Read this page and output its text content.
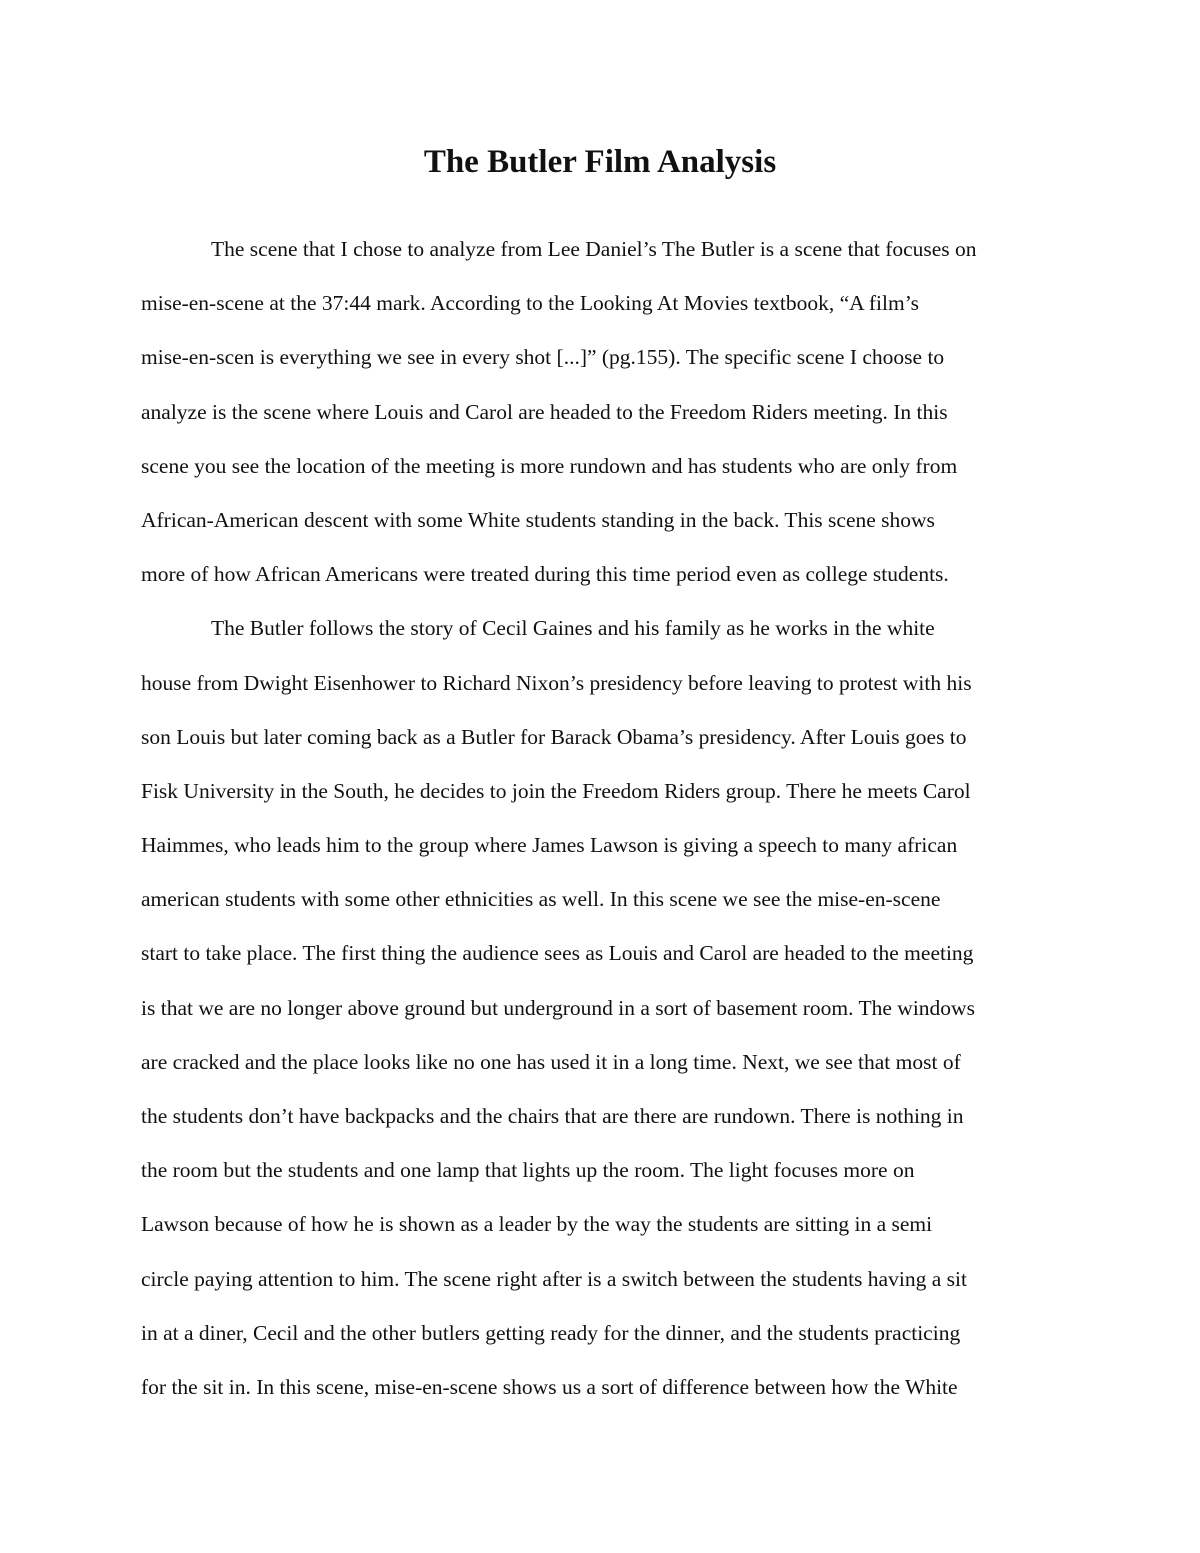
The Butler Film Analysis
The scene that I chose to analyze from Lee Daniel’s The Butler is a scene that focuses on
mise-en-scene at the 37:44 mark. According to the Looking At Movies textbook, “A film’s
mise-en-scen is everything we see in every shot [...]” (pg.155). The specific scene I choose to
analyze is the scene where Louis and Carol are headed to the Freedom Riders meeting. In this
scene you see the location of the meeting is more rundown and has students who are only from
African-American descent with some White students standing in the back. This scene shows
more of how African Americans were treated during this time period even as college students.
The Butler follows the story of Cecil Gaines and his family as he works in the white
house from Dwight Eisenhower to Richard Nixon’s presidency before leaving to protest with his
son Louis but later coming back as a Butler for Barack Obama’s presidency. After Louis goes to
Fisk University in the South, he decides to join the Freedom Riders group. There he meets Carol
Haimmes, who leads him to the group where James Lawson is giving a speech to many african
american students with some other ethnicities as well. In this scene we see the mise-en-scene
start to take place. The first thing the audience sees as Louis and Carol are headed to the meeting
is that we are no longer above ground but underground in a sort of basement room. The windows
are cracked and the place looks like no one has used it in a long time. Next, we see that most of
the students don’t have backpacks and the chairs that are there are rundown. There is nothing in
the room but the students and one lamp that lights up the room. The light focuses more on
Lawson because of how he is shown as a leader by the way the students are sitting in a semi
circle paying attention to him. The scene right after is a switch between the students having a sit
in at a diner, Cecil and the other butlers getting ready for the dinner, and the students practicing
for the sit in. In this scene, mise-en-scene shows us a sort of difference between how the White
